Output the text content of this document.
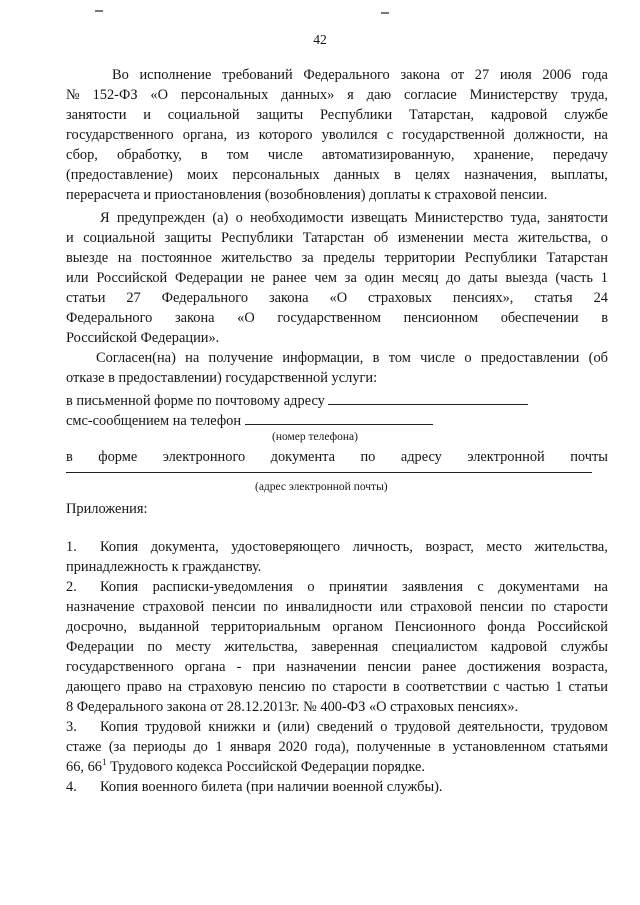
42
Во исполнение требований Федерального закона от 27 июля 2006 года
№ 152-ФЗ «О персональных данных» я даю согласие Министерству труда,
занятости и социальной защиты Республики Татарстан, кадровой службе
государственного органа, из которого уволился с государственной должности, на
сбор, обработку, в том числе автоматизированную, хранение, передачу
(предоставление) моих персональных данных в целях назначения, выплаты,
перерасчета и приостановления (возобновления) доплаты к страховой пенсии.
Я предупрежден (а) о необходимости извещать Министерство туда, занятости
и социальной защиты Республики Татарстан об изменении места жительства, о
выезде на постоянное жительство за пределы территории Республики Татарстан
или Российской Федерации не ранее чем за один месяц до даты выезда (часть 1
статьи 27 Федерального закона «О страховых пенсиях», статья 24
Федерального закона «О государственном пенсионном обеспечении в
Российской Федерации».
Согласен(на) на получение информации, в том числе о предоставлении (об
отказе в предоставлении) государственной услуги:
в письменной форме по почтовому адресу
смс-сообщением на телефон
(номер телефона)
в форме электронного документа по адресу электронной почты
(адрес электронной почты)
Приложения:
1. Копия документа, удостоверяющего личность, возраст, место жительства,
принадлежность к гражданству.
2. Копия расписки-уведомления о принятии заявления с документами на
назначение страховой пенсии по инвалидности или страховой пенсии по старости
досрочно, выданной территориальным органом Пенсионного фонда Российской
Федерации по месту жительства, заверенная специалистом кадровой службы
государственного органа - при назначении пенсии ранее достижения возраста,
дающего право на страховую пенсию по старости в соответствии с частью 1 статьи
8 Федерального закона от 28.12.2013г. № 400-ФЗ «О страховых пенсиях».
3. Копия трудовой книжки и (или) сведений о трудовой деятельности, трудовом
стаже (за периоды до 1 января 2020 года), полученные в установленном статьями
66, $66^1$ Трудового кодекса Российской Федерации порядке.
4. Копия военного билета (при наличии военной службы).
